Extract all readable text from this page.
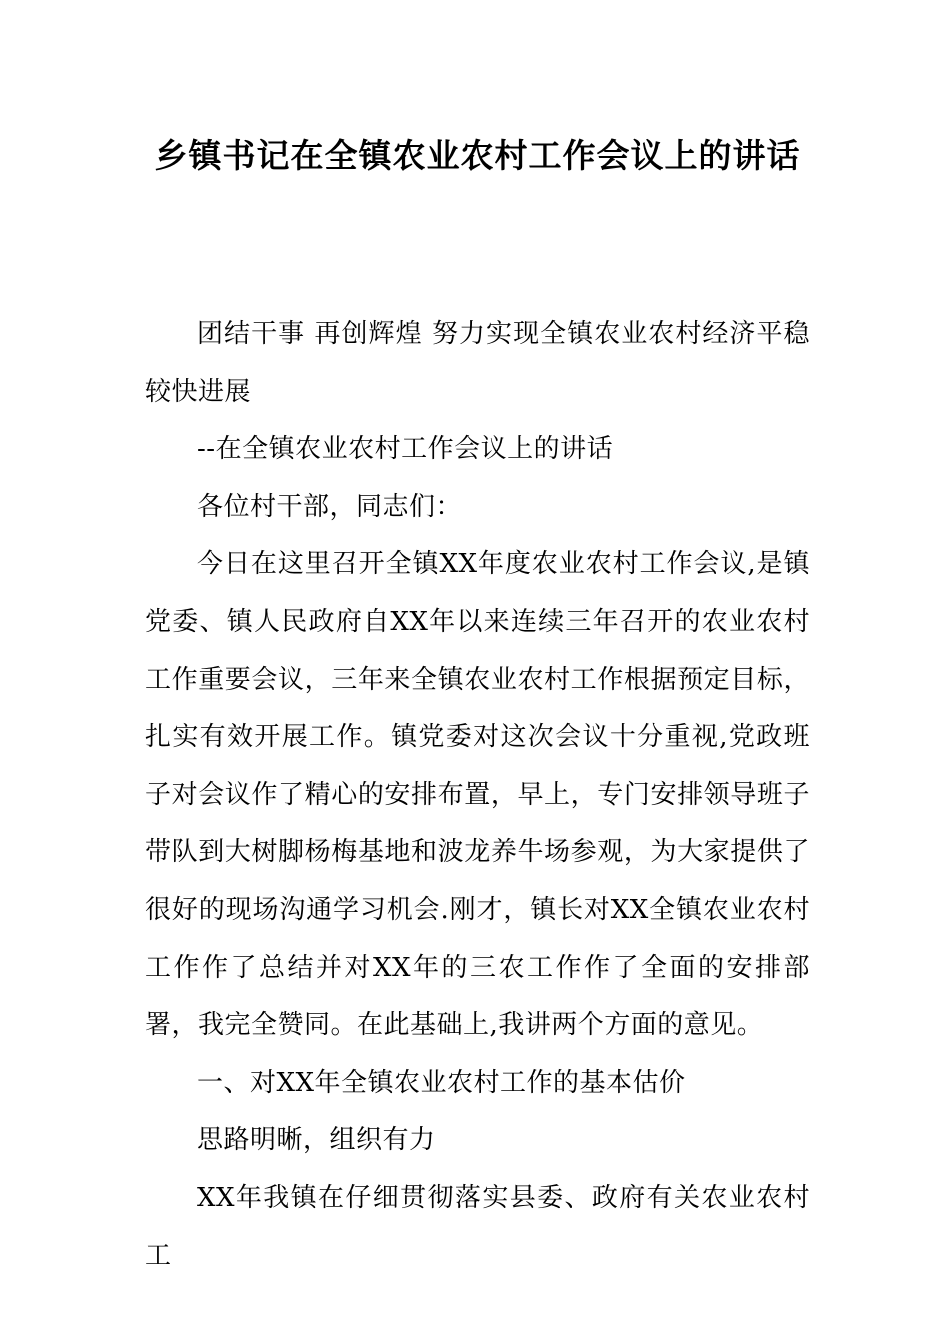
乡镇书记在全镇农业农村工作会议上的讲话

团结干事 再创辉煌 努力实现全镇农业农村经济平稳较快进展

--在全镇农业农村工作会议上的讲话

各位村干部，同志们：

今日在这里召开全镇XX年度农业农村工作会议,是镇党委、镇人民政府自XX年以来连续三年召开的农业农村工作重要会议，三年来全镇农业农村工作根据预定目标，扎实有效开展工作。镇党委对这次会议十分重视,党政班子对会议作了精心的安排布置，早上，专门安排领导班子带队到大树脚杨梅基地和波龙养牛场参观，为大家提供了很好的现场沟通学习机会.刚才，镇长对XX全镇农业农村工作作了总结并对XX年的三农工作作了全面的安排部署，我完全赞同。在此基础上,我讲两个方面的意见。

一、对XX年全镇农业农村工作的基本估价

思路明晰，组织有力

XX年我镇在仔细贯彻落实县委、政府有关农业农村工
